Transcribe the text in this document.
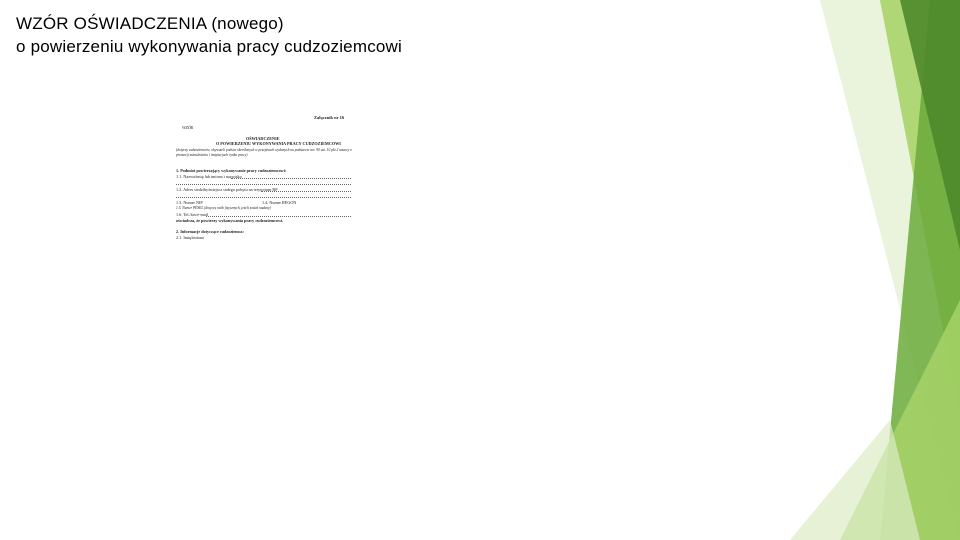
WZÓR OŚWIADCZENIA (nowego)
o powierzeniu wykonywania pracy cudzoziemcowi
Załącznik nr 16
WZÓR
OŚWIADCZENIE
O POWIERZENIU WYKONYWANIA PRACY CUDZOZIEMCOWI
(dotyczy cudzoziemców, obywateli państw określonych w przepisach wydanych na podstawie art. 90 ust. 10 pkt 2 ustawy o promocji zatrudnienia i instytucjach rynku pracy)
1. Podmiot powierzający wykonywanie pracy cudzoziemcowi:
1.1. Nazwa/imię lub imiona i nazwisko
1.2. Adres siedziby/miejsca stałego pobytu na terytorium RP
1.3. Numer NIP	1.4. Numer REGON
1.5. Numer PESEL (dotyczy osób fizycznych, jeżeli został nadany)
1.6. Tel./fax/e-mail
oświadcza, że powierzy wykonywania pracy cudzoziemcowi.
2. Informacje dotyczące cudzoziemca:
2.1. Imię/imiona
